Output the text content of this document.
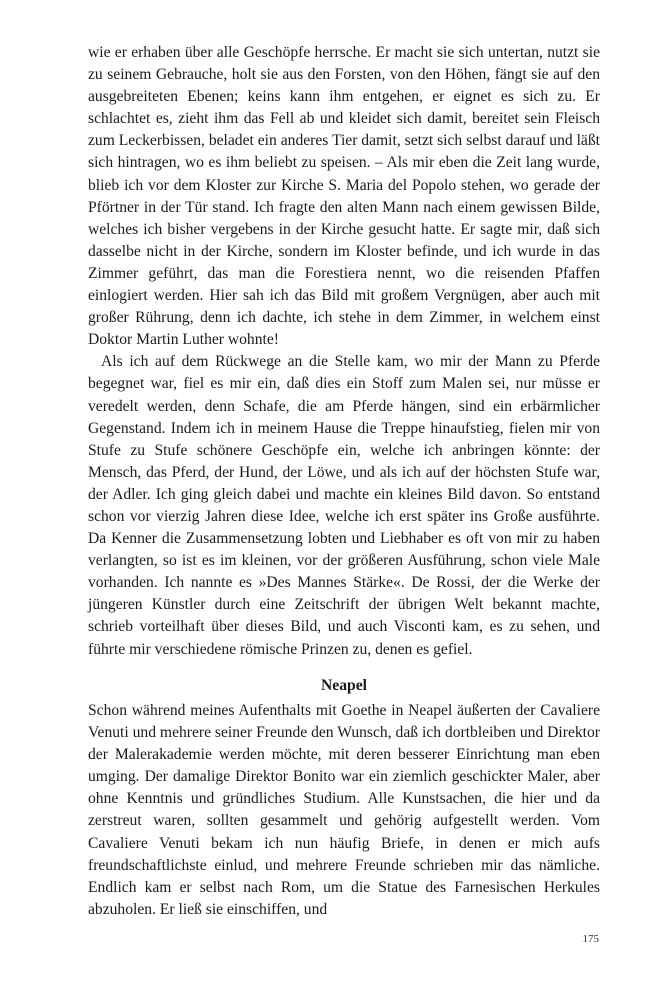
wie er erhaben über alle Geschöpfe herrsche. Er macht sie sich untertan, nutzt sie zu seinem Gebrauche, holt sie aus den Forsten, von den Höhen, fängt sie auf den ausgebreiteten Ebenen; keins kann ihm entgehen, er eignet es sich zu. Er schlachtet es, zieht ihm das Fell ab und kleidet sich damit, bereitet sein Fleisch zum Leckerbissen, beladet ein anderes Tier damit, setzt sich selbst darauf und läßt sich hintragen, wo es ihm beliebt zu speisen. – Als mir eben die Zeit lang wurde, blieb ich vor dem Kloster zur Kirche S. Maria del Popolo stehen, wo gerade der Pförtner in der Tür stand. Ich fragte den alten Mann nach einem gewissen Bilde, welches ich bisher vergebens in der Kirche gesucht hatte. Er sagte mir, daß sich dasselbe nicht in der Kirche, sondern im Kloster befinde, und ich wurde in das Zimmer geführt, das man die Forestiera nennt, wo die reisenden Pfaffen einlogiert werden. Hier sah ich das Bild mit großem Vergnügen, aber auch mit großer Rührung, denn ich dachte, ich stehe in dem Zimmer, in welchem einst Doktor Martin Luther wohnte!

Als ich auf dem Rückwege an die Stelle kam, wo mir der Mann zu Pferde begegnet war, fiel es mir ein, daß dies ein Stoff zum Malen sei, nur müsse er veredelt werden, denn Schafe, die am Pferde hängen, sind ein erbärmlicher Gegenstand. Indem ich in meinem Hause die Treppe hinaufstieg, fielen mir von Stufe zu Stufe schönere Geschöpfe ein, welche ich anbringen könnte: der Mensch, das Pferd, der Hund, der Löwe, und als ich auf der höchsten Stufe war, der Adler. Ich ging gleich dabei und machte ein kleines Bild davon. So entstand schon vor vierzig Jahren diese Idee, welche ich erst später ins Große ausführte. Da Kenner die Zusammensetzung lobten und Liebhaber es oft von mir zu haben verlangten, so ist es im kleinen, vor der größeren Ausführung, schon viele Male vorhanden. Ich nannte es »Des Mannes Stärke«. De Rossi, der die Werke der jüngeren Künstler durch eine Zeitschrift der übrigen Welt bekannt machte, schrieb vorteilhaft über dieses Bild, und auch Visconti kam, es zu sehen, und führte mir verschiedene römische Prinzen zu, denen es gefiel.

Neapel

Schon während meines Aufenthalts mit Goethe in Neapel äußerten der Cavaliere Venuti und mehrere seiner Freunde den Wunsch, daß ich dortbleiben und Direktor der Malerakademie werden möchte, mit deren besserer Einrichtung man eben umging. Der damalige Direktor Bonito war ein ziemlich geschickter Maler, aber ohne Kenntnis und gründliches Studium. Alle Kunstsachen, die hier und da zerstreut waren, sollten gesammelt und gehörig aufgestellt werden. Vom Cavaliere Venuti bekam ich nun häufig Briefe, in denen er mich aufs freundschaftlichste einlud, und mehrere Freunde schrieben mir das nämliche. Endlich kam er selbst nach Rom, um die Statue des Farnesischen Herkules abzuholen. Er ließ sie einschiffen, und

175
